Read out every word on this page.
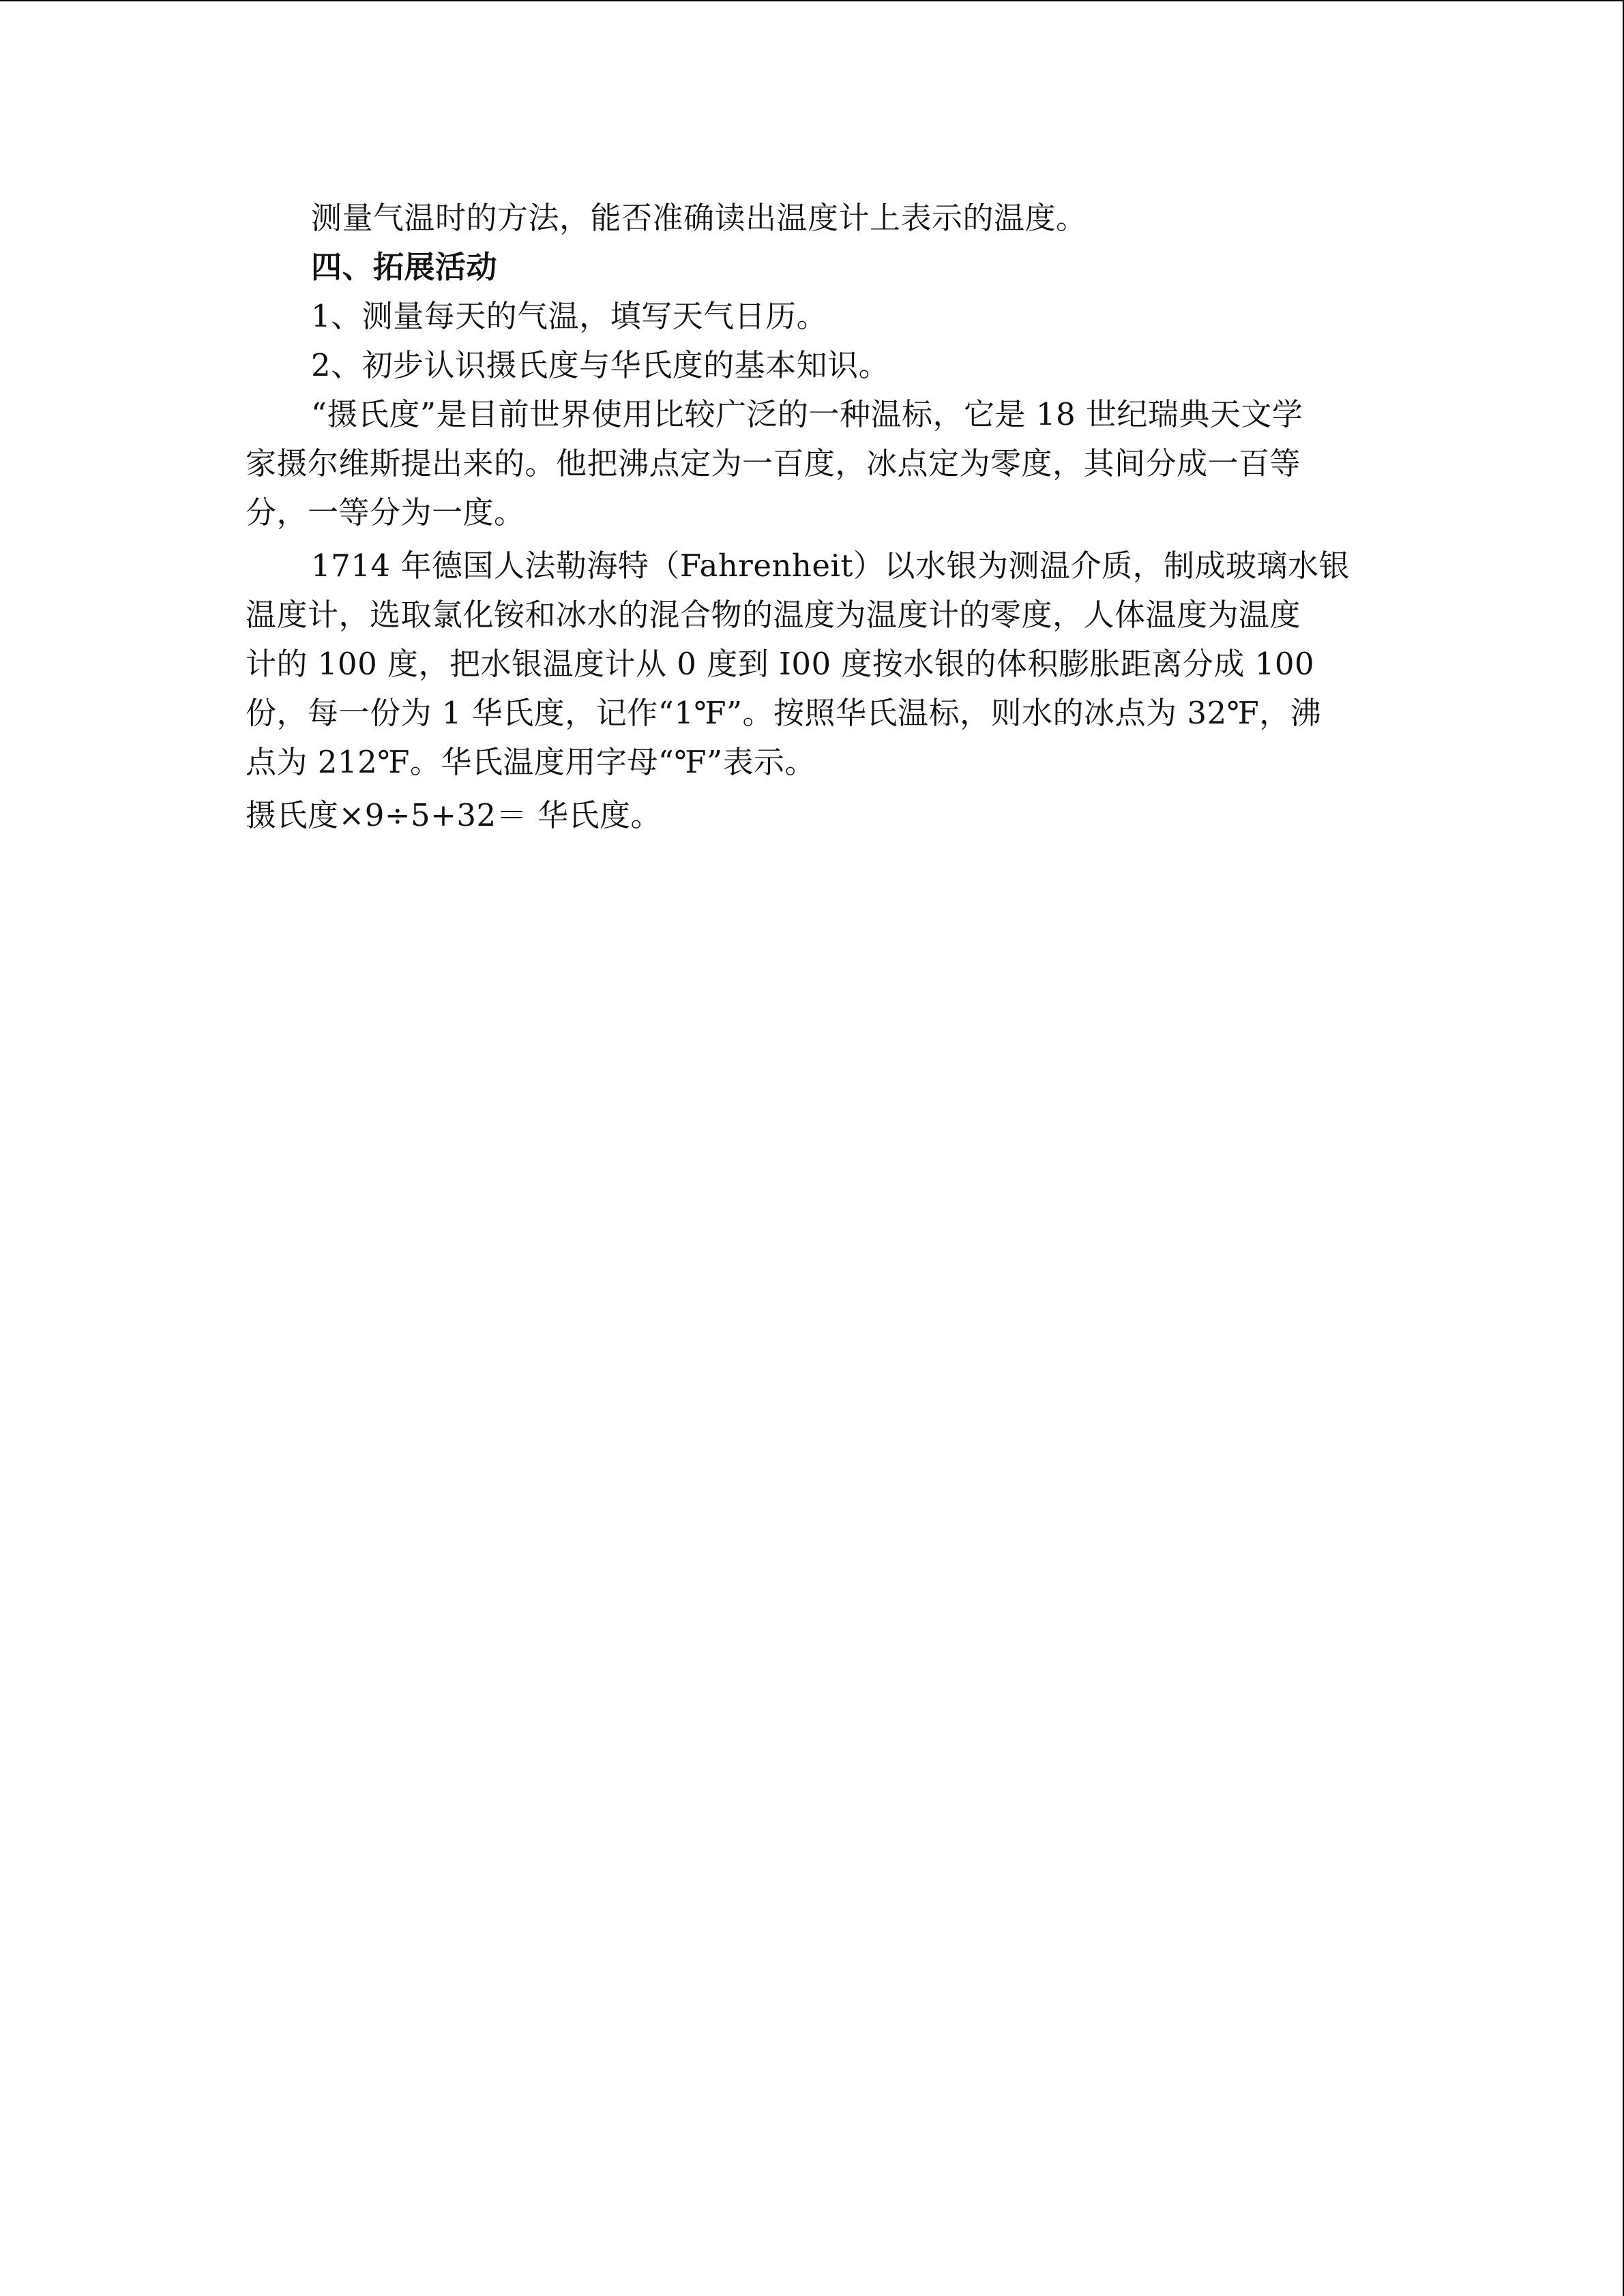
测量气温时的方法，能否准确读出温度计上表示的温度。
四、拓展活动
1、测量每天的气温，填写天气日历。
2、初步认识摄氏度与华氏度的基本知识。
“摄氏度”是目前世界使用比较广泛的一种温标，它是 18 世纪瑞典天文学
家摄尔维斯提出来的。他把沸点定为一百度，冰点定为零度，其间分成一百等
分，一等分为一度。
1714 年德国人法勒海特（Fahrenheit）以水银为测温介质，制成玻璃水银
温度计，选取氯化铵和冰水的混合物的温度为温度计的零度，人体温度为温度
计的 100 度，把水银温度计从 0 度到 I00 度按水银的体积膨胀距离分成 100
份，每一份为 1 华氏度，记作“1℉”。按照华氏温标，则水的冰点为 32℉，沸
点为 212℉。华氏温度用字母“℉”表示。
摄氏度×9÷5+32＝ 华氏度。
